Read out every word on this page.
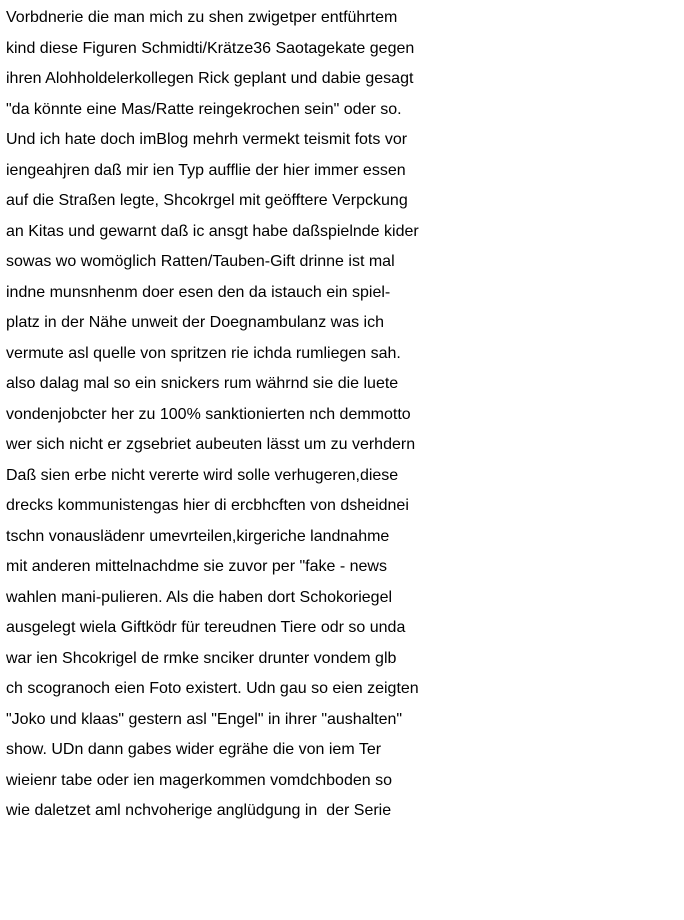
Vorbdnerie die man mich zu shen zwigetper entführtem
kind diese Figuren Schmidti/Krätze36 Saotagekate gegen
ihren Alohholdelerkollegen Rick geplant und dabie gesagt
"da könnte eine Mas/Ratte reingekrochen sein" oder so.
Und ich hate doch imBlog mehrh vermekt teismit fots vor
iengeahjren daß mir ien Typ aufflie der hier immer essen
auf die Straßen legte, Shcokrgel mit geöfftere Verpckung
an Kitas und gewarnt daß ic ansgt habe daßspielnde kider
sowas wo womöglich Ratten/Tauben-Gift drinne ist mal
indne munsnhenm doer esen den da istauch ein spiel-
platz in der Nähe unweit der Doegnambulanz was ich
vermute asl quelle von spritzen rie ichda rumliegen sah.
also dalag mal so ein snickers rum währnd sie die luete
vondenjobcter her zu 100% sanktionierten nch demmotto
wer sich nicht er zgsebriet aubeuten lässt um zu verhdern
Daß sien erbe nicht vererte wird solle verhugeren,diese
drecks kommunistengas hier di ercbhcften von dsheidnei
tschn vonauslädenr umevrteilen,kirgeriche landnahme
mit anderen mittelnachdme sie zuvor per "fake - news
wahlen mani-pulieren. Als die haben dort Schokoriegel
ausgelegt wiela Giftködr für tereudnen Tiere odr so unda
war ien Shcokrigel de rmke snciker drunter vondem glb
ch scogranoch eien Foto existert. Udn gau so eien zeigten
"Joko und klaas" gestern asl "Engel" in ihrer "aushalten"
show. UDn dann gabes wider egrähe die von iem Ter
wieienr tabe oder ien magerkommen vomdchboden so
wie daletzet aml nchvoherige anglüdgung in  der Serie
